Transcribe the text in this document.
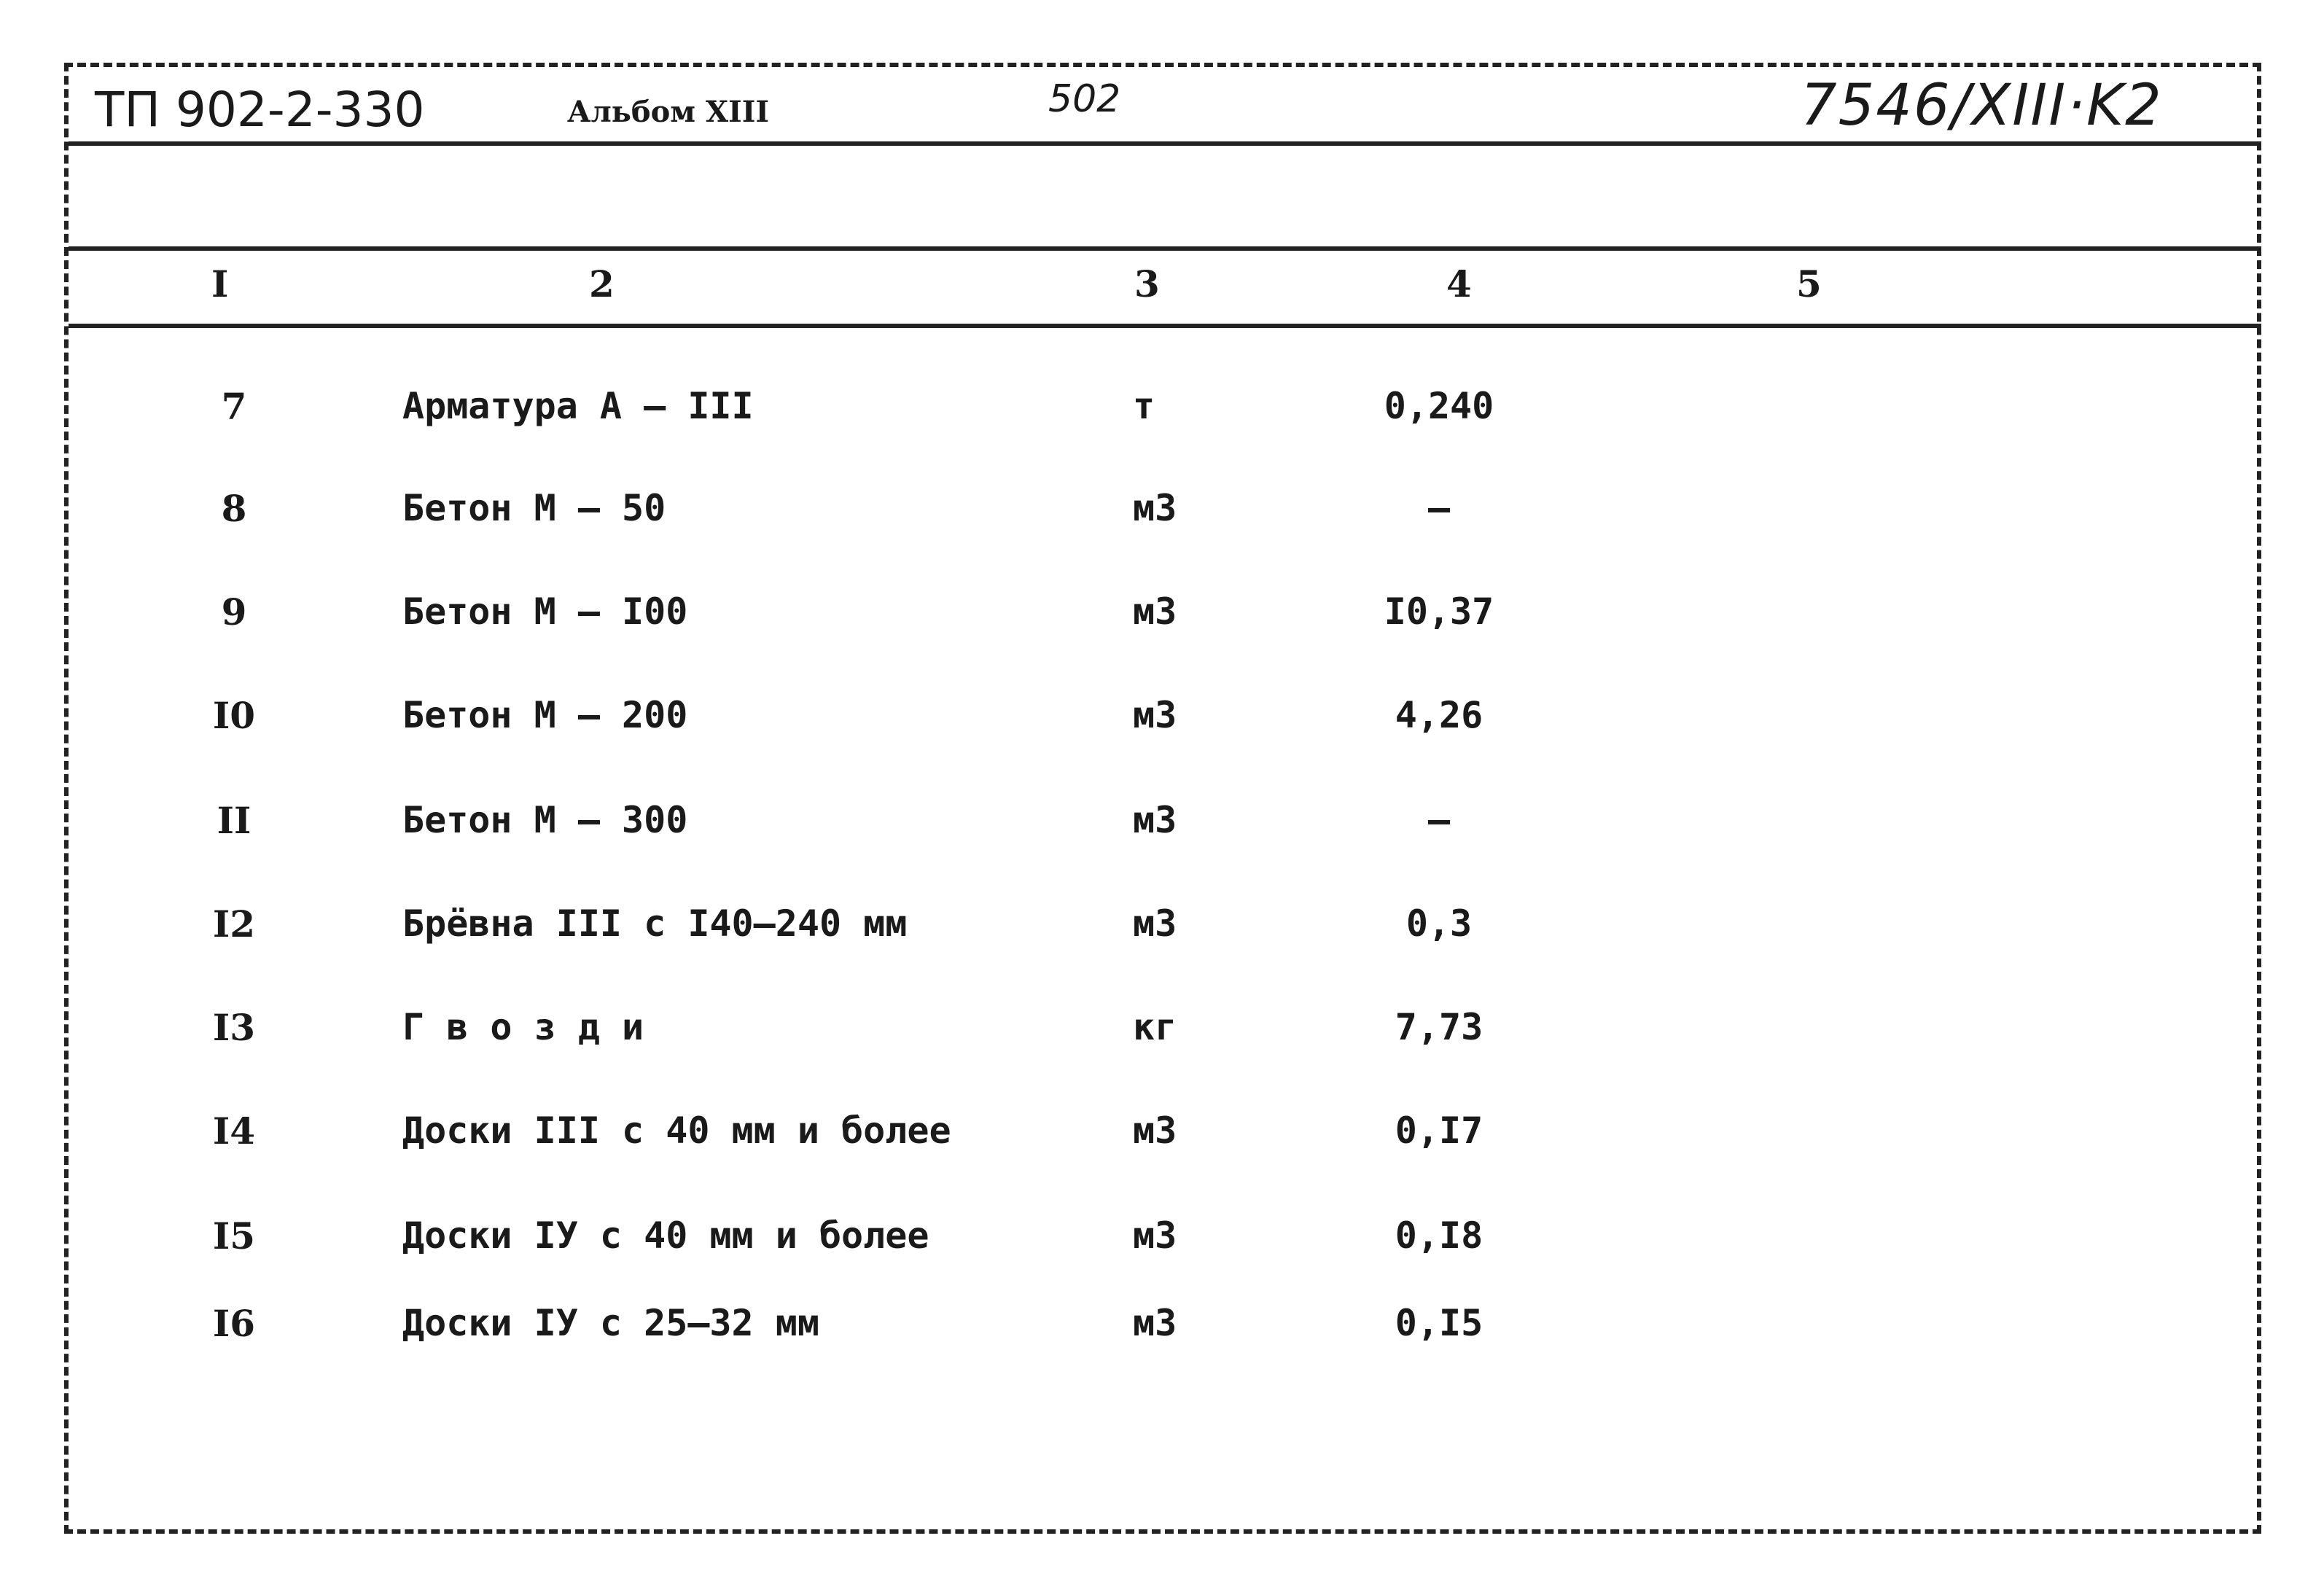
ТП 902-2-330	Альбом XIII	502	7546/XIII·K2
I	2	3	4	5
7	Арматура А – III	т	0,240
8	Бетон М – 50	м3	–
9	Бетон М – I00	м3	I0,37
I0	Бетон М – 200	м3	4,26
II	Бетон М – 300	м3	–
I2	Брёвна III с I40–240 мм	м3	0,3
I3	Г в о з д и	кг	7,73
I4	Доски III с 40 мм и более	м3	0,I7
I5	Доски IУ с 40 мм и более	м3	0,I8
I6	Доски IУ с 25–32 мм	м3	0,I5
